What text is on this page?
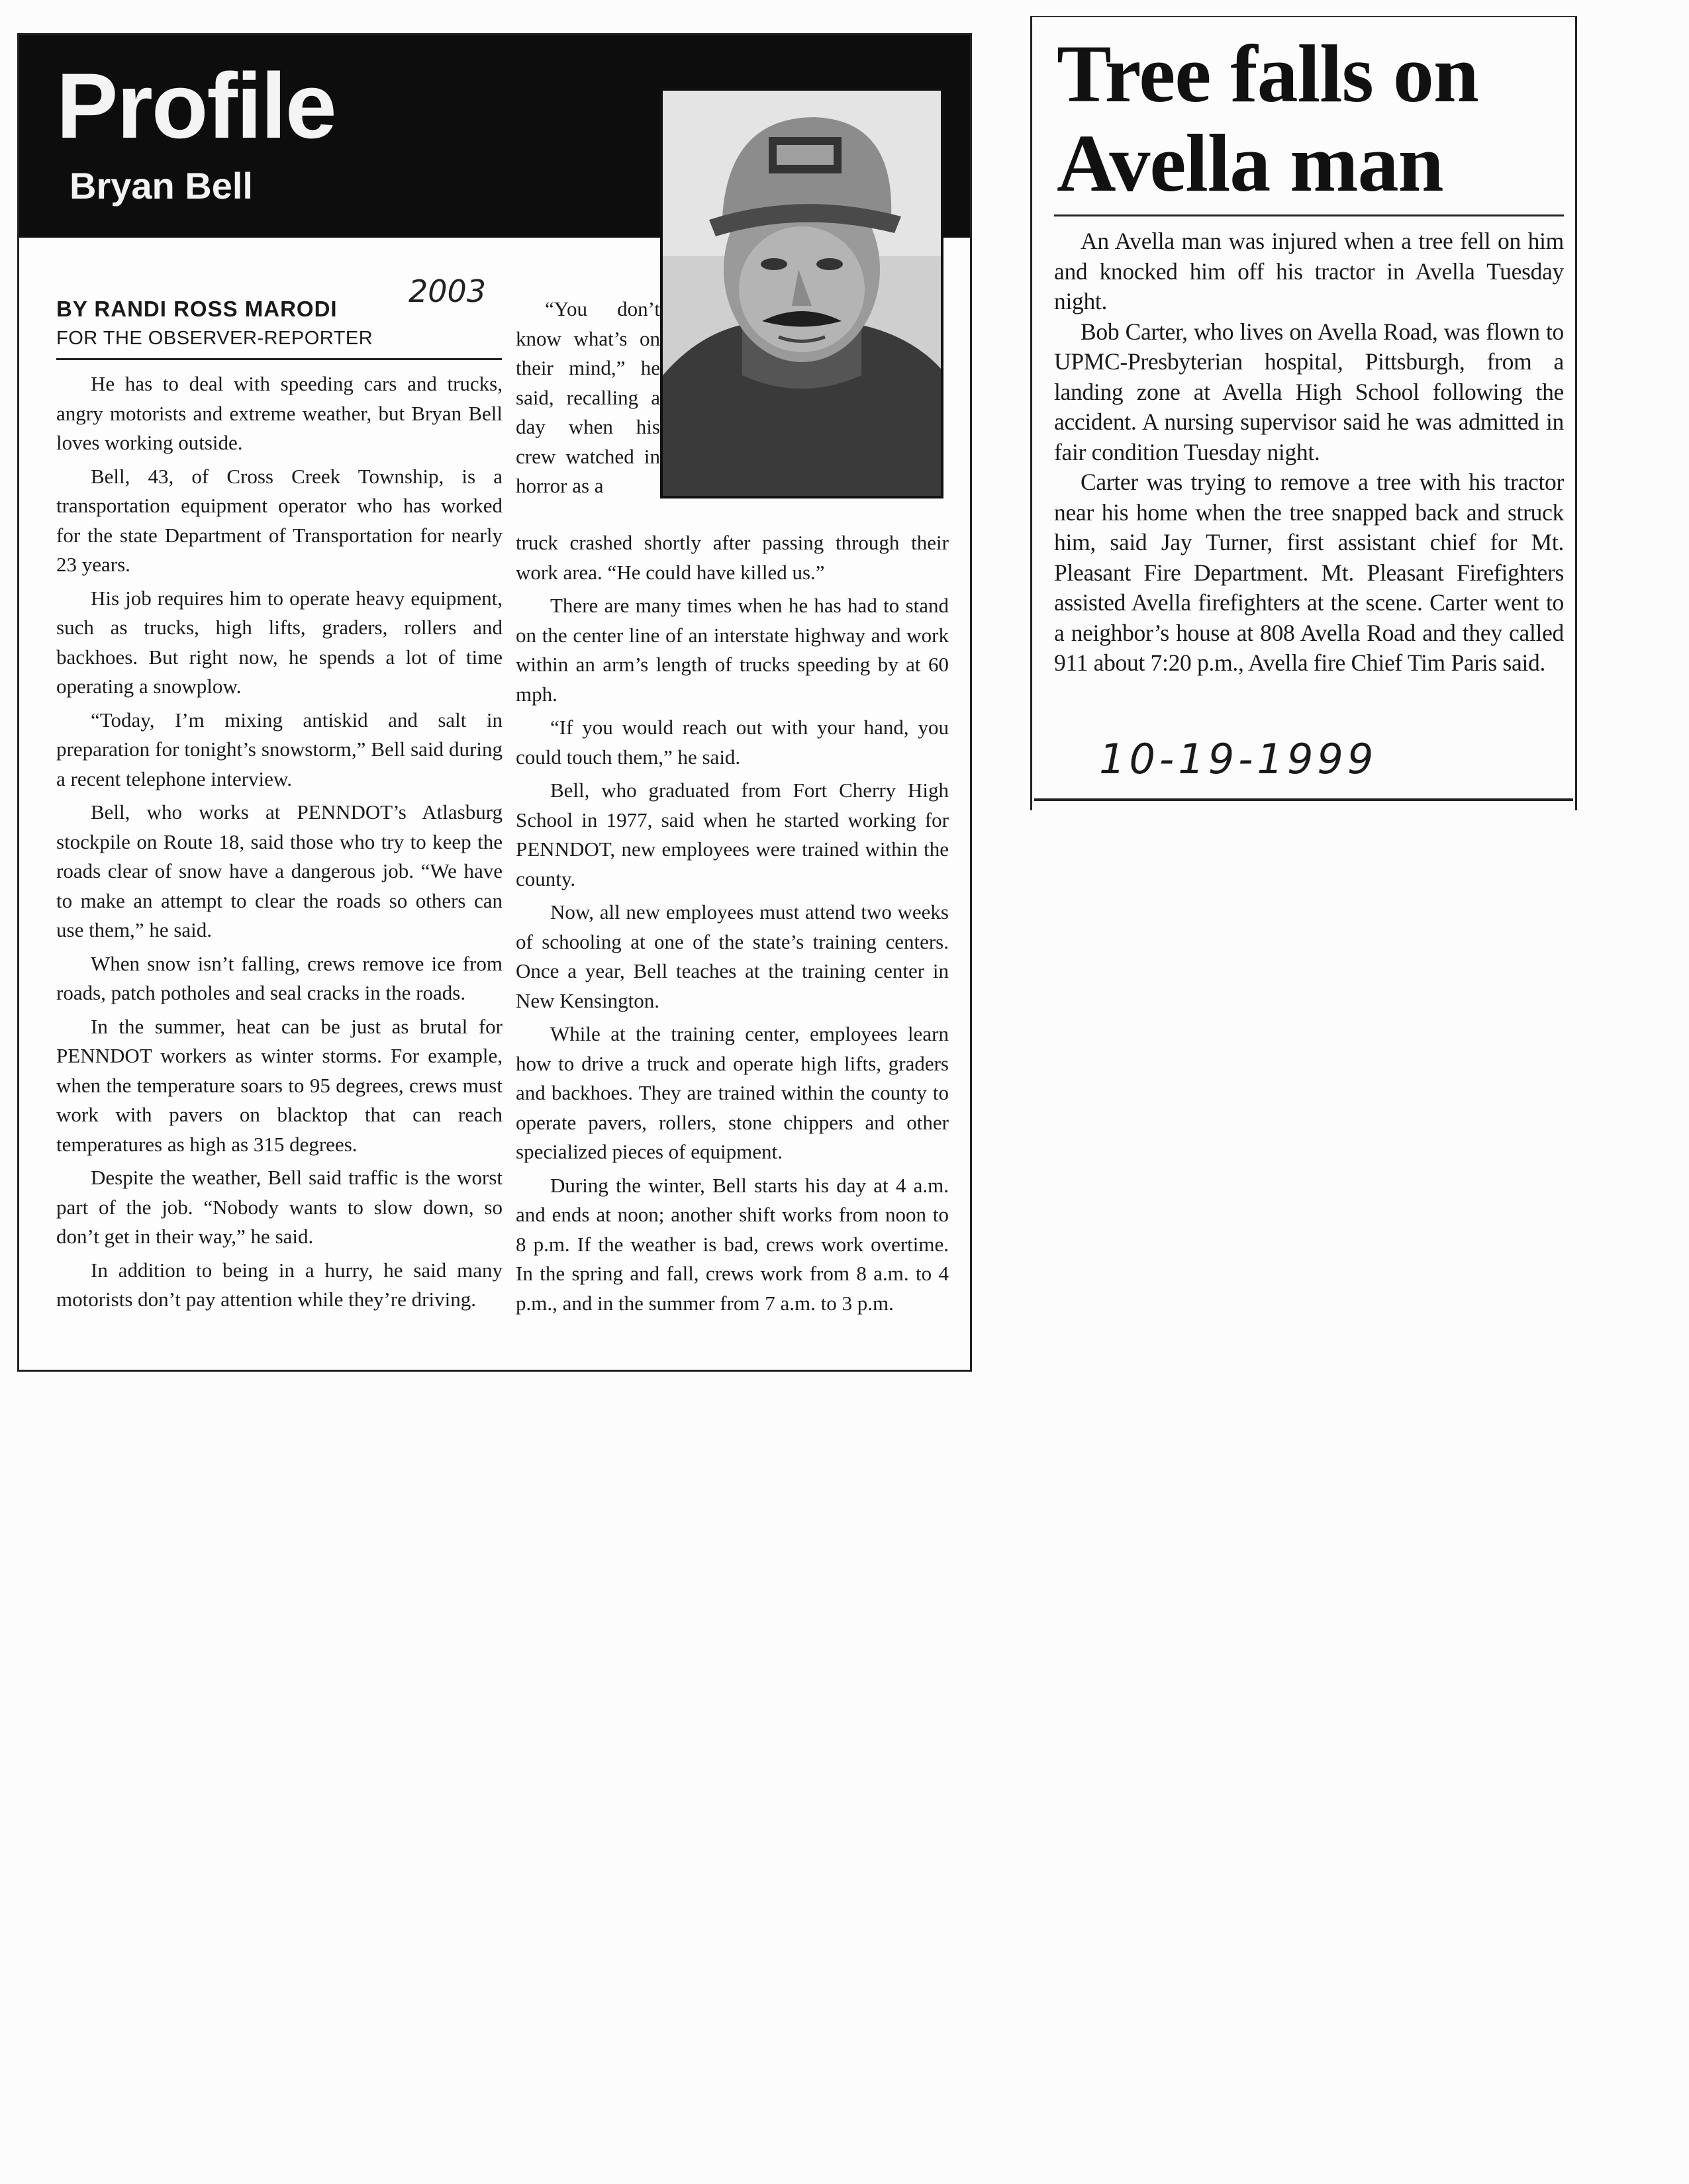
Profile
Bryan Bell
BY RANDI ROSS MARODI 2003
FOR THE OBSERVER-REPORTER

He has to deal with speeding cars and trucks, angry motorists and extreme weather, but Bryan Bell loves working outside.

Bell, 43, of Cross Creek Township, is a transportation equipment operator who has worked for the state Department of Transportation for nearly 23 years.

His job requires him to operate heavy equipment, such as trucks, high lifts, graders, rollers and backhoes. But right now, he spends a lot of time operating a snowplow.

“Today, I’m mixing antiskid and salt in preparation for tonight’s snowstorm,” Bell said during a recent telephone interview.

Bell, who works at PENNDOT’s Atlasburg stockpile on Route 18, said those who try to keep the roads clear of snow have a dangerous job. “We have to make an attempt to clear the roads so others can use them,” he said.

When snow isn’t falling, crews remove ice from roads, patch potholes and seal cracks in the roads.

In the summer, heat can be just as brutal for PENNDOT workers as winter storms. For example, when the temperature soars to 95 degrees, crews must work with pavers on blacktop that can reach temperatures as high as 315 degrees.

Despite the weather, Bell said traffic is the worst part of the job. “Nobody wants to slow down, so don’t get in their way,” he said.

In addition to being in a hurry, he said many motorists don’t pay attention while they’re driving.

“You don’t know what’s on their mind,” he said, recalling a day when his crew watched in horror as a

truck crashed shortly after passing through their work area. “He could have killed us.”

There are many times when he has had to stand on the center line of an interstate highway and work within an arm’s length of trucks speeding by at 60 mph.

“If you would reach out with your hand, you could touch them,” he said.

Bell, who graduated from Fort Cherry High School in 1977, said when he started working for PENNDOT, new employees were trained within the county.

Now, all new employees must attend two weeks of schooling at one of the state’s training centers. Once a year, Bell teaches at the training center in New Kensington.

While at the training center, employees learn how to drive a truck and operate high lifts, graders and backhoes. They are trained within the county to operate pavers, rollers, stone chippers and other specialized pieces of equipment.

During the winter, Bell starts his day at 4 a.m. and ends at noon; another shift works from noon to 8 p.m. If the weather is bad, crews work overtime. In the spring and fall, crews work from 8 a.m. to 4 p.m., and in the summer from 7 a.m. to 3 p.m.

Tree falls on
Avella man

An Avella man was injured when a tree fell on him and knocked him off his tractor in Avella Tuesday night.

Bob Carter, who lives on Avella Road, was flown to UPMC-Presbyterian hospital, Pittsburgh, from a landing zone at Avella High School following the accident. A nursing supervisor said he was admitted in fair condition Tuesday night.

Carter was trying to remove a tree with his tractor near his home when the tree snapped back and struck him, said Jay Turner, first assistant chief for Mt. Pleasant Fire Department. Mt. Pleasant Firefighters assisted Avella firefighters at the scene. Carter went to a neighbor’s house at 808 Avella Road and they called 911 about 7:20 p.m., Avella fire Chief Tim Paris said.

10-19-1999
